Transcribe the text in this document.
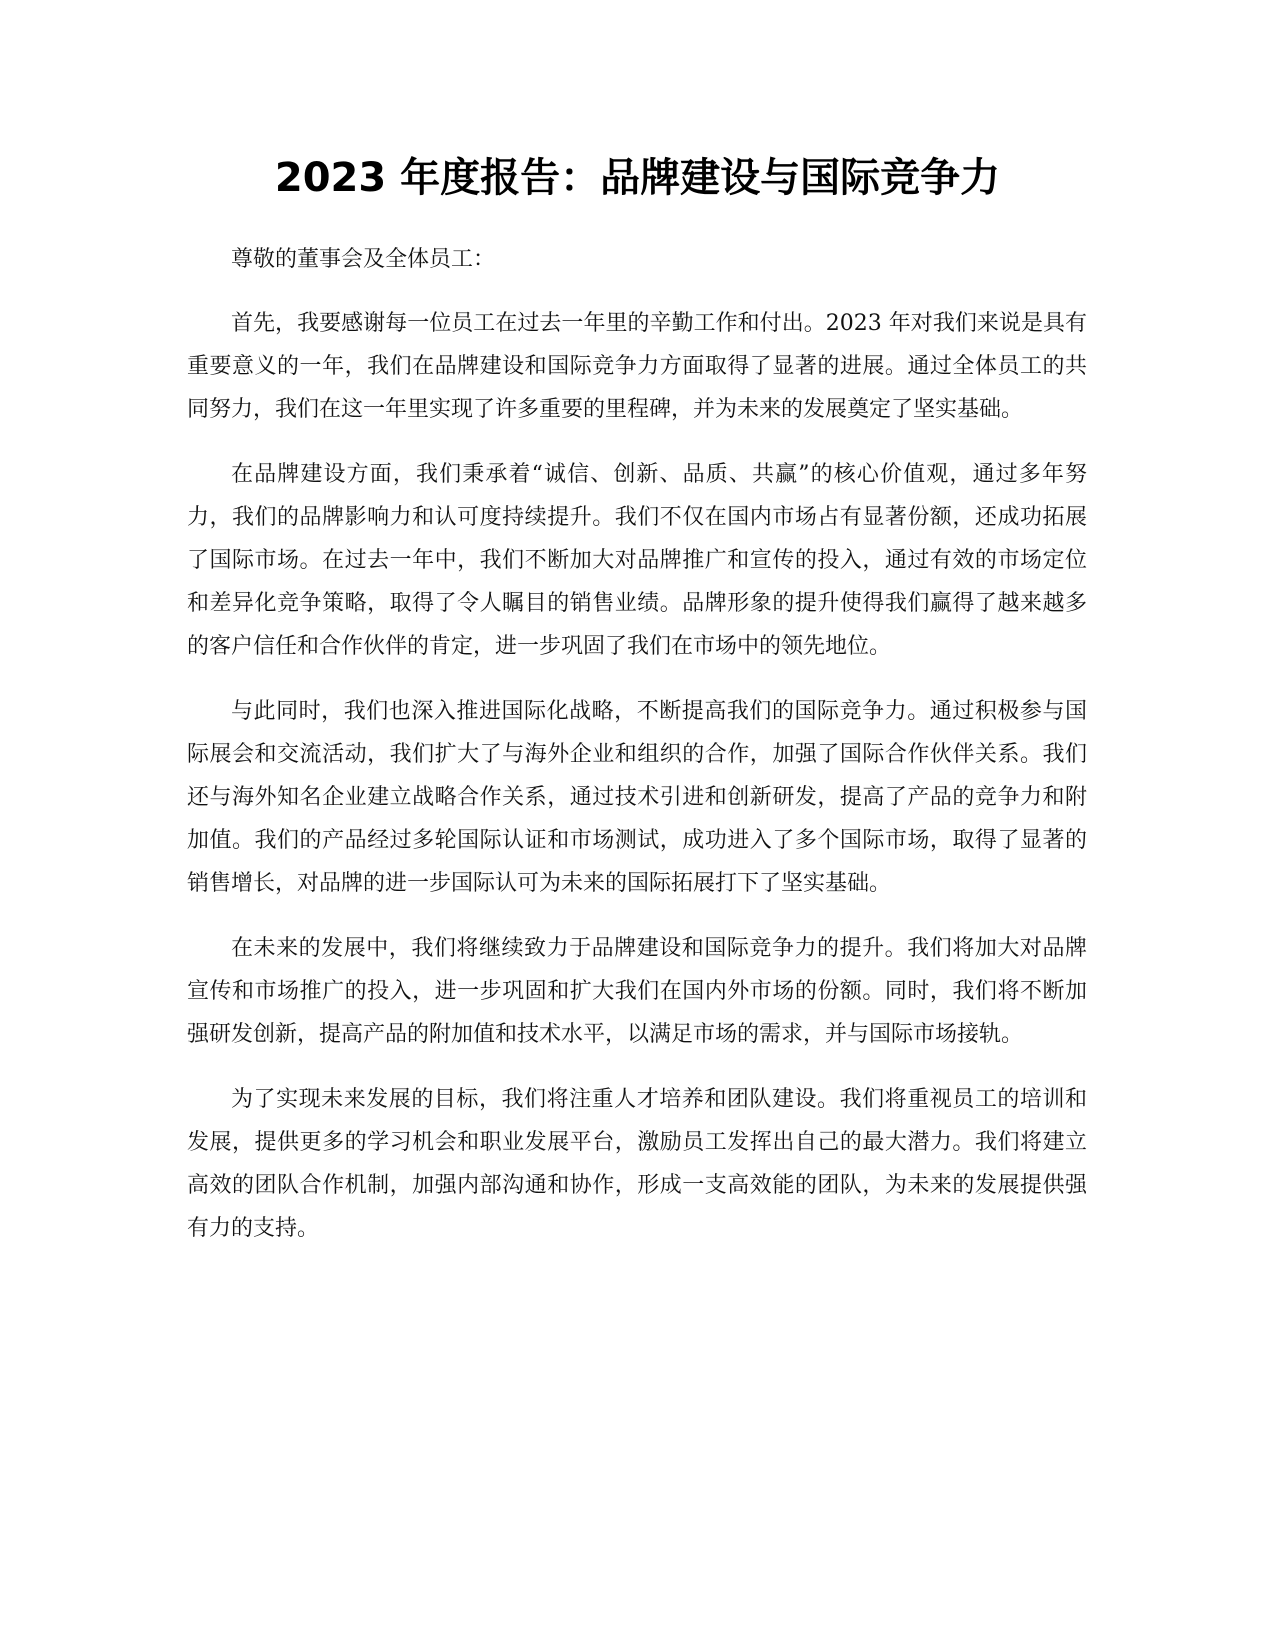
2023 年度报告：品牌建设与国际竞争力

尊敬的董事会及全体员工：

首先，我要感谢每一位员工在过去一年里的辛勤工作和付出。2023 年对我们来说是具有重要意义的一年，我们在品牌建设和国际竞争力方面取得了显著的进展。通过全体员工的共同努力，我们在这一年里实现了许多重要的里程碑，并为未来的发展奠定了坚实基础。

在品牌建设方面，我们秉承着“诚信、创新、品质、共赢”的核心价值观，通过多年努力，我们的品牌影响力和认可度持续提升。我们不仅在国内市场占有显著份额，还成功拓展了国际市场。在过去一年中，我们不断加大对品牌推广和宣传的投入，通过有效的市场定位和差异化竞争策略，取得了令人瞩目的销售业绩。品牌形象的提升使得我们赢得了越来越多的客户信任和合作伙伴的肯定，进一步巩固了我们在市场中的领先地位。

与此同时，我们也深入推进国际化战略，不断提高我们的国际竞争力。通过积极参与国际展会和交流活动，我们扩大了与海外企业和组织的合作，加强了国际合作伙伴关系。我们还与海外知名企业建立战略合作关系，通过技术引进和创新研发，提高了产品的竞争力和附加值。我们的产品经过多轮国际认证和市场测试，成功进入了多个国际市场，取得了显著的销售增长，对品牌的进一步国际认可为未来的国际拓展打下了坚实基础。

在未来的发展中，我们将继续致力于品牌建设和国际竞争力的提升。我们将加大对品牌宣传和市场推广的投入，进一步巩固和扩大我们在国内外市场的份额。同时，我们将不断加强研发创新，提高产品的附加值和技术水平，以满足市场的需求，并与国际市场接轨。

为了实现未来发展的目标，我们将注重人才培养和团队建设。我们将重视员工的培训和发展，提供更多的学习机会和职业发展平台，激励员工发挥出自己的最大潜力。我们将建立高效的团队合作机制，加强内部沟通和协作，形成一支高效能的团队，为未来的发展提供强有力的支持。
